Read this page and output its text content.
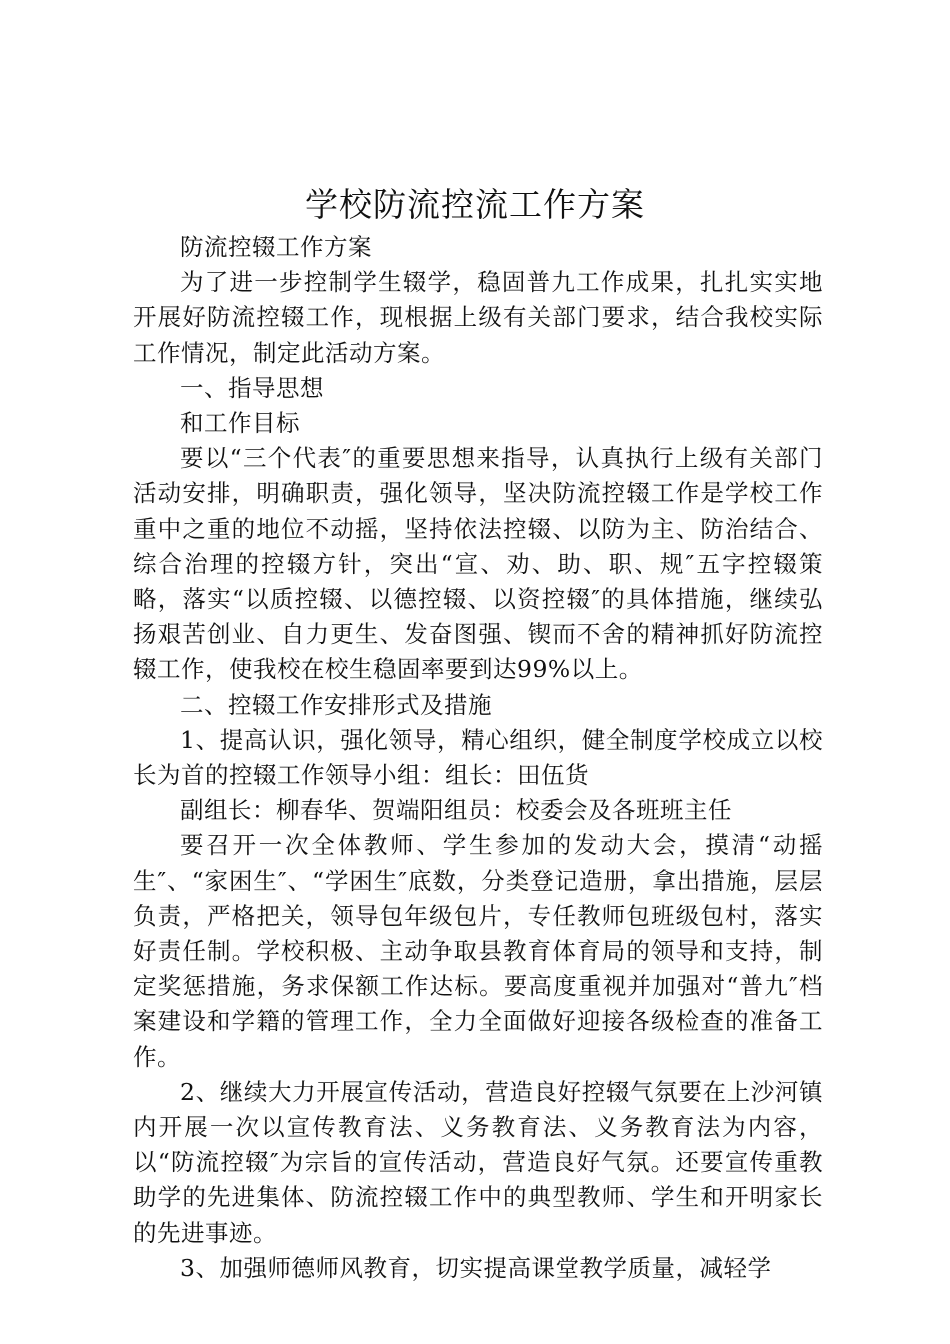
学校防流控流工作方案

防流控辍工作方案

为了进一步控制学生辍学，稳固普九工作成果，扎扎实实地开展好防流控辍工作，现根据上级有关部门要求，结合我校实际工作情况，制定此活动方案。

一、指导思想

和工作目标

要以“三个代表″的重要思想来指导，认真执行上级有关部门活动安排，明确职责，强化领导，坚决防流控辍工作是学校工作重中之重的地位不动摇，坚持依法控辍、以防为主、防治结合、综合治理的控辍方针，突出“宣、劝、助、职、规″五字控辍策略，落实“以质控辍、以德控辍、以资控辍″的具体措施，继续弘扬艰苦创业、自力更生、发奋图强、锲而不舍的精神抓好防流控辍工作，使我校在校生稳固率要到达99%以上。

二、控辍工作安排形式及措施

1、提高认识，强化领导，精心组织，健全制度学校成立以校长为首的控辍工作领导小组：组长：田伍货

副组长：柳春华、贺端阳组员：校委会及各班班主任

要召开一次全体教师、学生参加的发动大会，摸清“动摇生″、“家困生″、“学困生″底数，分类登记造册，拿出措施，层层负责，严格把关，领导包年级包片，专任教师包班级包村，落实好责任制。学校积极、主动争取县教育体育局的领导和支持，制定奖惩措施，务求保额工作达标。要高度重视并加强对“普九″档案建设和学籍的管理工作，全力全面做好迎接各级检查的准备工作。

2、继续大力开展宣传活动，营造良好控辍气氛要在上沙河镇内开展一次以宣传教育法、义务教育法、义务教育法为内容，以“防流控辍″为宗旨的宣传活动，营造良好气氛。还要宣传重教助学的先进集体、防流控辍工作中的典型教师、学生和开明家长的先进事迹。

3、加强师德师风教育，切实提高课堂教学质量，减轻学
